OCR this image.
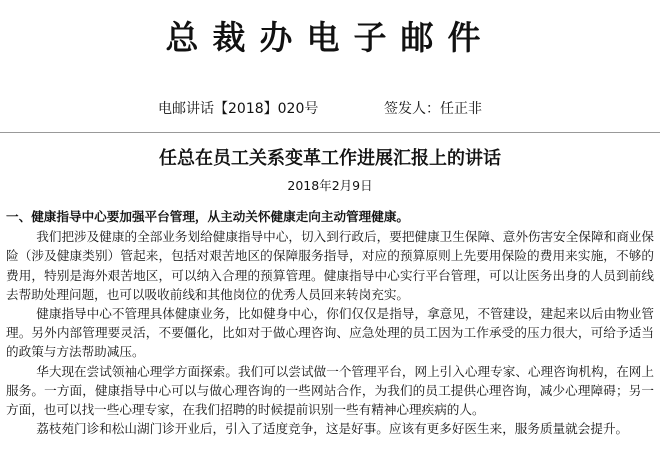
总裁办电子邮件
电邮讲话【2018】020号	签发人：任正非
任总在员工关系变革工作进展汇报上的讲话
2018年2月9日

一、健康指导中心要加强平台管理，从主动关怀健康走向主动管理健康。

我们把涉及健康的全部业务划给健康指导中心，切入到行政后，要把健康卫生保障、意外伤害安全保障和商业保险（涉及健康类别）管起来，包括对艰苦地区的保障服务指导，对应的预算原则上先要用保险的费用来实施，不够的费用，特别是海外艰苦地区，可以纳入合理的预算管理。健康指导中心实行平台管理，可以让医务出身的人员到前线去帮助处理问题，也可以吸收前线和其他岗位的优秀人员回来转岗充实。

健康指导中心不管理具体健康业务，比如健身中心，你们仅仅是指导，拿意见，不管建设，建起来以后由物业管理。另外内部管理要灵活，不要僵化，比如对于做心理咨询、应急处理的员工因为工作承受的压力很大，可给予适当的政策与方法帮助减压。

华大现在尝试领袖心理学方面探索。我们可以尝试做一个管理平台，网上引入心理专家、心理咨询机构，在网上服务。一方面，健康指导中心可以与做心理咨询的一些网站合作，为我们的员工提供心理咨询，减少心理障碍；另一方面，也可以找一些心理专家，在我们招聘的时候提前识别一些有精神心理疾病的人。

荔枝苑门诊和松山湖门诊开业后，引入了适度竞争，这是好事。应该有更多好医生来，服务质量就会提升。
